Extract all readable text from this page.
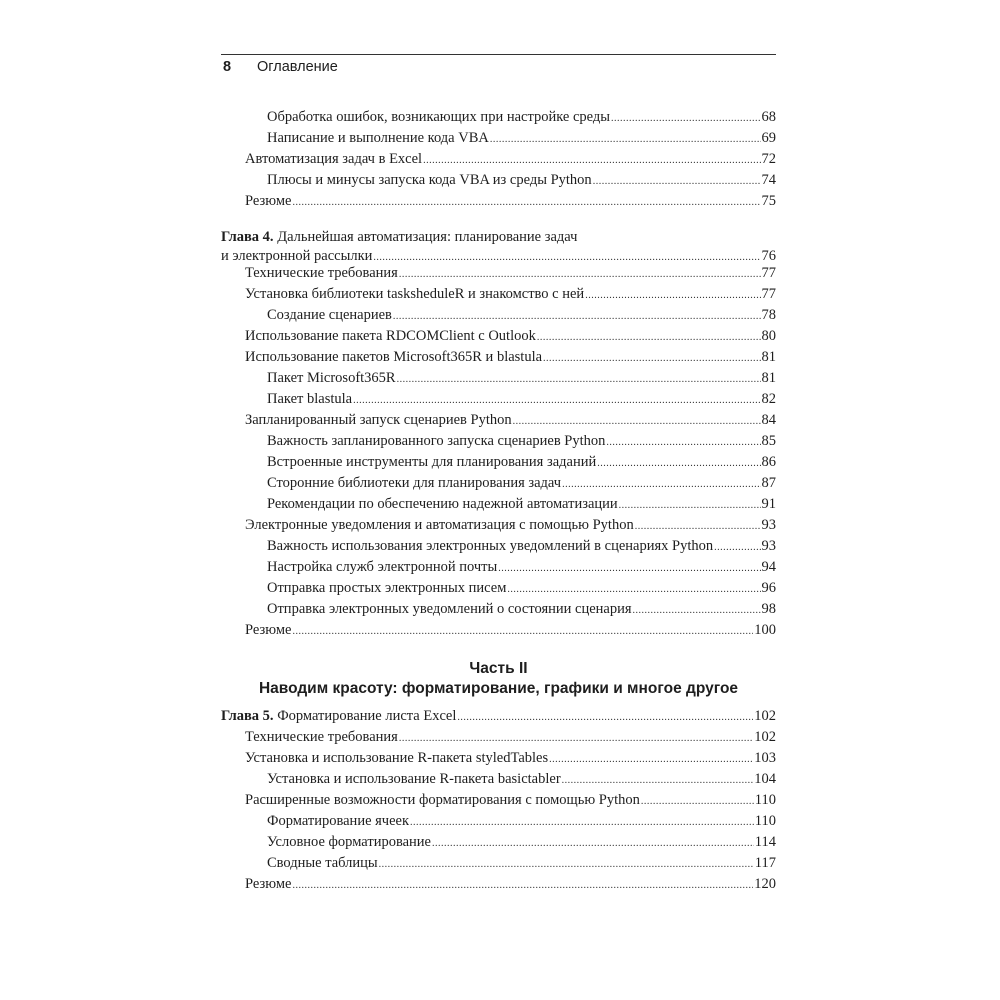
8 Оглавление
Обработка ошибок, возникающих при настройке среды .....	68
Написание и выполнение кода VBA .....	69
Автоматизация задач в Excel .....	72
Плюсы и минусы запуска кода VBA из среды Python .....	74
Резюме .....	75
Глава 4. Дальнейшая автоматизация: планирование задач
и электронной рассылки .....	76
Технические требования .....	77
Установка библиотеки taskshedulеR и знакомство с ней .....	77
Создание сценариев .....	78
Использование пакета RDCOMClient с Outlook .....	80
Использование пакетов Microsoft365R и blastula .....	81
Пакет Microsoft365R .....	81
Пакет blastula .....	82
Запланированный запуск сценариев Python .....	84
Важность запланированного запуска сценариев Python .....	85
Встроенные инструменты для планирования заданий .....	86
Сторонние библиотеки для планирования задач .....	87
Рекомендации по обеспечению надежной автоматизации .....	91
Электронные уведомления и автоматизация с помощью Python .....	93
Важность использования электронных уведомлений в сценариях Python .....	93
Настройка служб электронной почты .....	94
Отправка простых электронных писем .....	96
Отправка электронных уведомлений о состоянии сценария .....	98
Резюме .....	100
Часть II
Наводим красоту: форматирование, графики и многое другое
Глава 5. Форматирование листа Excel .....	102
Технические требования .....	102
Установка и использование R-пакета styledTables .....	103
Установка и использование R-пакета basictabler .....	104
Расширенные возможности форматирования с помощью Python .....	110
Форматирование ячеек .....	110
Условное форматирование .....	114
Сводные таблицы .....	117
Резюме .....	120
